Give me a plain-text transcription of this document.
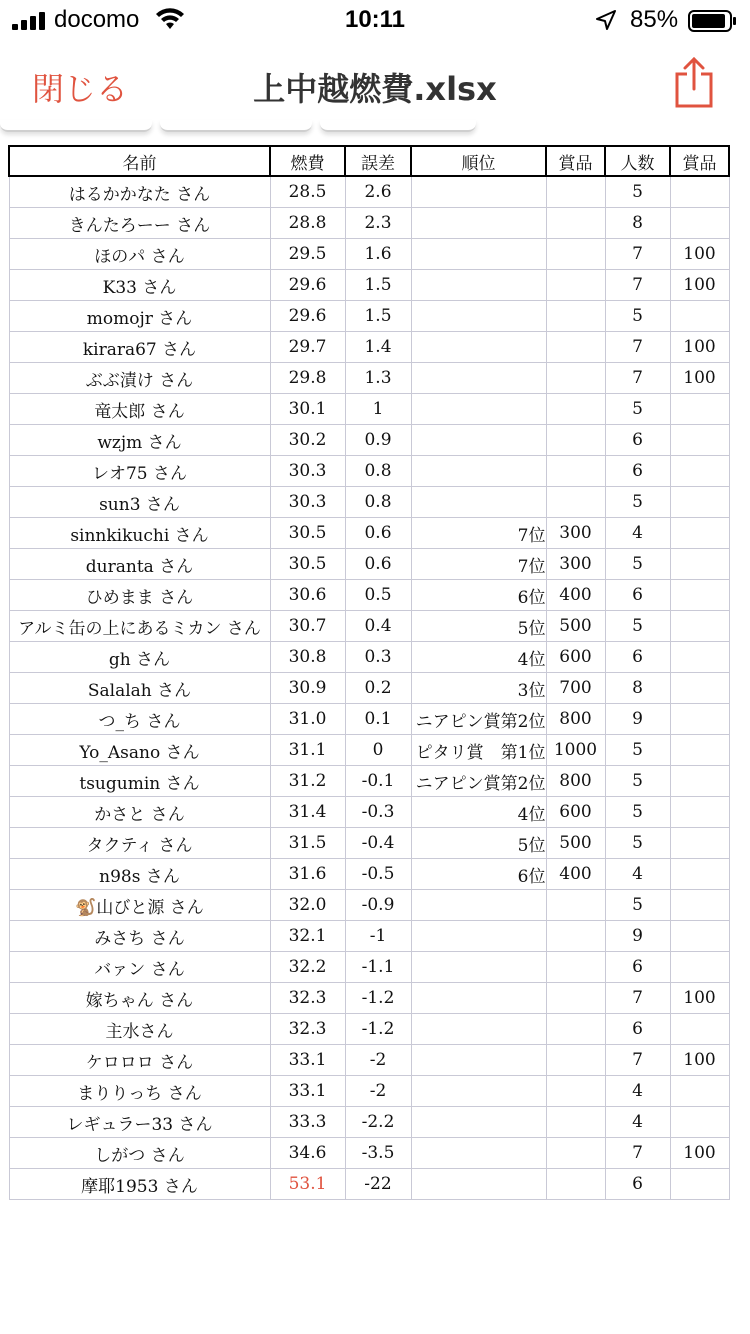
docomo	10:11	85%
閉じる	上中越燃費.xlsx
名前	燃費	誤差	順位	賞品	人数	賞品
はるかかなた さん	28.5	2.6			5	
きんたろーー さん	28.8	2.3			8	
ほのパ さん	29.5	1.6			7	100
K33 さん	29.6	1.5			7	100
momojr さん	29.6	1.5			5	
kirara67 さん	29.7	1.4			7	100
ぶぶ漬け さん	29.8	1.3			7	100
竜太郎 さん	30.1	1			5	
wzjm さん	30.2	0.9			6	
レオ75 さん	30.3	0.8			6	
sun3 さん	30.3	0.8			5	
sinnkikuchi さん	30.5	0.6	7位	300	4	
duranta さん	30.5	0.6	7位	300	5	
ひめまま さん	30.6	0.5	6位	400	6	
アルミ缶の上にあるミカン さん	30.7	0.4	5位	500	5	
gh さん	30.8	0.3	4位	600	6	
Salalah さん	30.9	0.2	3位	700	8	
つ_ち さん	31.0	0.1	ニアピン賞第2位	800	9	
Yo_Asano さん	31.1	0	ピタリ賞　第1位	1000	5	
tsugumin さん	31.2	-0.1	ニアピン賞第2位	800	5	
かさと さん	31.4	-0.3	4位	600	5	
タクティ さん	31.5	-0.4	5位	500	5	
n98s さん	31.6	-0.5	6位	400	4	
🐒山びと源 さん	32.0	-0.9			5	
みさち さん	32.1	-1			9	
バァン さん	32.2	-1.1			6	
嫁ちゃん さん	32.3	-1.2			7	100
主水さん	32.3	-1.2			6	
ケロロロ さん	33.1	-2			7	100
まりりっち さん	33.1	-2			4	
レギュラー33 さん	33.3	-2.2			4	
しがつ さん	34.6	-3.5			7	100
摩耶1953 さん	53.1	-22			6	
